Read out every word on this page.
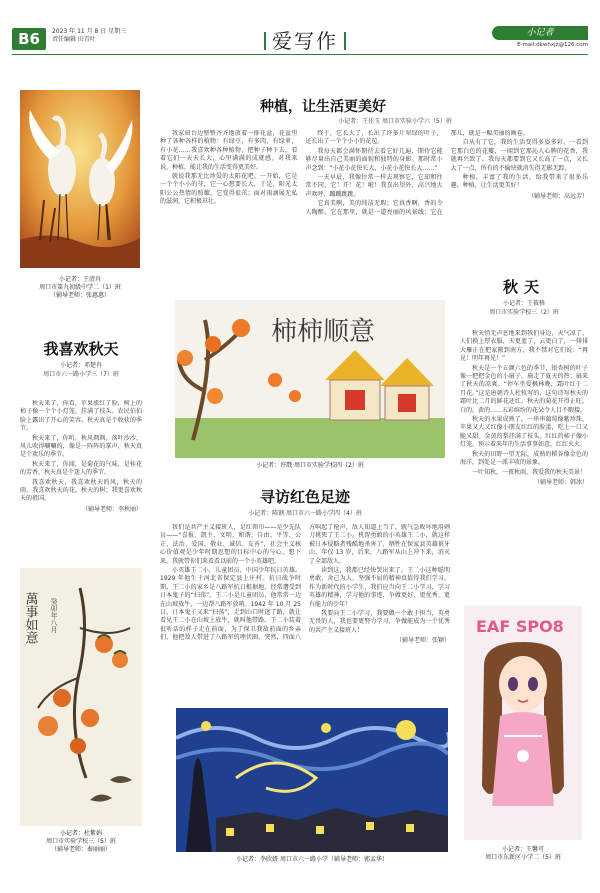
B6	2023 年 11 月 8 日 星期三
责任编辑 田青叶	爱写作	小记者
E-mail:dkwhxjz@126.com
小记者：王清舟
周口市第九初级中学二（1）班
（辅导老师：张惠惠）
我喜欢秋天
小记者：邓楚冉
周口市六一路小学三（7）班

秋天来了，你看，苹果涨红了脸，树上的柿子像一个个小灯笼，挂满了枝头。农民伯伯脸上露出了开心的笑容。秋天真是个收获的季节。

秋天来了，你听，秋风飒飒，落叶沙沙，风儿吹得唰唰的，像是一阵阵的掌声，秋天真是个欢乐的季节。

秋天来了，你闻，是菊花的气味，是桂花的芳香，秋天真是个迷人的季节。

我喜欢秋天，我喜欢秋天的风，秋天的雨，我喜欢秋天的花，秋天的树；我更喜欢秋天的祖国。

（辅导老师：李秋丽）
萬事如意 癸卯年八月
小记者：杜紫娟
周口市实验学校三（5）班
（辅导老师：秦丽丽）
种植，让生活更美好
小记者：王佳玉 周口市实验小学六（5）班

我家窗台边整整齐齐地放着一排花盆，花盆里种了各种各样的植物：有绿豆，有多肉，有绿萝，有小花……我喜欢种各种植物，把种子种下去，看着它们一天天长大，心里满满的成就感。对我来说，种植，能让我的生活变得更美好。

就说我那无比珍爱的太阳花吧。一开始，它是一个个小小的芽，它一心想要长大，于是，阳光太阳公公热情的照耀，它变得很茁；面对雨滴展无私的滋润，它积极茁壮。

终于，它长大了，长出了许多片翠绿的叶子，还长出了一个个小小的花苞。

我每天都会满怀期待去看它好几遍，期待它能够尽量出自己美丽的面貌和独特的身影。那时常小声念到：“小花小花快长大，小花小花快长大……”

一天早晨，我像往常一样去观察它，它却和往常不同，它！开！花！啦！我喜出望外，高兴地大声欢呼、蹦蹦跳跳。

它真美啊，美的纯洁无瑕；它真香啊，香的令人陶醉。它在那里，就是一道亮丽的风景线；它在那儿，就是一幅美丽的画卷。

自从有了它，我的生活变得多姿多彩，一看到它那白色的花瓣，一闻到它那沁人心脾的花香，我就再兴致了。我每天都要到它又长高了一点，又长大了一点，所有的不愉快就消失得无影无踪。

种植，丰富了我的生活，给我带来了很多乐趣。种植，让生活更美好！

（辅导老师：高远芳）
柿柿顺意
小记者：许戬 周口市实验学校四（2）班
秋天
小记者：王筱格
周口市实验学校三（2）班

秋天悄无声息地来到我们身边，天气凉了，人们换上厚衣服，天更蓝了，云更白了，一排排大雁正在把家搬到南方，我不禁对它们说：“再见！明年再见！”

秋天是一个五颜六色的季节，银杏树的叶子像一把把金色的小扇子，扇走了夏天的热；扇来了秋天的凉爽。“停车坐爱枫林晚，霜叶红于二月花。”这是唐朝诗人杜牧写的，这句诗写秋天的霜叶比二月的鲜花还红。秋天的菊花开得正旺，白的，黄的……五彩缤纷的花朵令人目不暇接。

秋天的水果成熟了，一串串葡萄像紫珍珠，苹果又大又红像小朋友红红的脸蛋，吃上一口又脆又甜。金黄的梨挂满了枝头，红红的柿子像小灯笼，预示着来年的生活事事如意，红红火火。

秋天的田野一望无际，成熟的稻谷像金色的海洋，到处是一派丰收的景象。

一叶知秋，一夜秋雨，我爱我的秋天美景！

（辅导老师：韩冰）
寻访红色足迹
小记者：陈钢 周口市六一路小学四（4）班

我们是共产主义接班人，是红领巾——是少先队员——“喜报、凯主、文明、和谐、自由、平等、公正、法治、爱国、敬业、诚信、友善”，社会主义核心价值观是少年时期思想的目标中心的与心，想下来，我就带你们来看看以前的一个小英雄吧。

小英雄王二小，儿童团员，中国少年抗日英雄。1929 年他生于河北省保定县上庄村。抗日战争时期，王二小的家乡是八路军抗日根据地，经常遭受到日本鬼子的“扫荡”。王二小是儿童团员，他常常一边在山坡放牛，一边帮八路军放哨。1942 年 10 月 25 日，日本鬼子又来“扫荡”，走到山口时迷了路，就让看见王二小在山坡上放牛，就叫他带路。王二小装着很听话的样子走在前面，为了保卫我敌前面的乡亲们，他把敌人带进了八路军的埋伏圈，突然，四面八方响起了枪声，敌人知道上当了，就气急败坏地用刺刀挑死了王二小。机智勇敢的小英雄王二小，就这样被日本侵略者残酷地杀害了，牺牲在保家县英雄狼牙山，年仅 13 岁，后来，八路军从山上冲下来，消灭了全部敌人。

读到这，我都已经快哭出来了，王二小这种聪明勇敢、舍己为人、坚强不屈的精神真值得我们学习，作为新时代的小学生，我们应当向王二小学习，学习英雄的精神，学习他的事迹，争做更好、更优秀、更有能力的少年！

我要向王二小学习，我要做一个敢于担当，英勇无畏的人，我也要更努力学习，争做能成为一个优秀的共产主义接班人！

（辅导老师：张颖）
EAF SPO8
小记者：王馨可
周口市东新区小学二（5）班
小记者：李欣妍 周口市六一路小学（辅导老师：郭孟华）
